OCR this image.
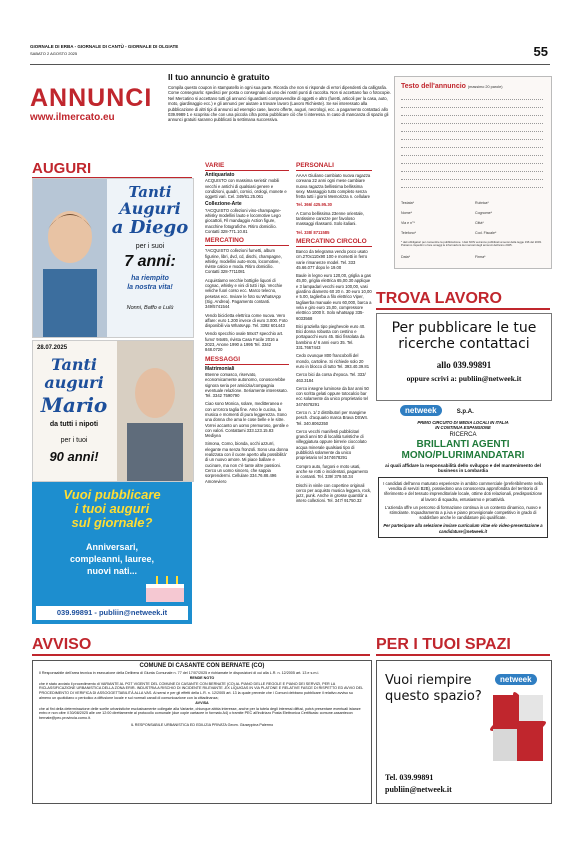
GIORNALE DI ERBA - GIORNALE DI CANTÙ - GIORNALE DI OLGIATE
SABATO 2 AGOSTO 2025	55
ANNUNCI
www.ilmercato.eu
Il tuo annuncio è gratuito
Compila questo coupon in stampatello in ogni sua parte. Ricorda che non si risponde di errori dipendenti da calligrafia. Come consegnarlo: spedisci per posta o consegnalo ad uno dei nostri punti di raccolta. Non si accettano fax o fotocopie. Nel Mercatino si accettano tutti gli annunci riguardanti compravendite di oggetti e altro (furetti, articoli per la casa, auto, moto, giardinaggio ecc.) e gli annunci per aiutare a trovare lavoro (Lavoro Richieste). Se sei interessato alla pubblicazione di altri tipi di annunci ad esempio case, lavoro offerte, auguri, necrologi, ecc. a pagamento contattaci allo 039.9989 1 e scoprirai che con una piccola cifra potrai pubblicare ciò che ti interessa. In caso di mancanza di spazio gli annunci gratuiti saranno pubblicati la settimana successiva.
Testo dell'annuncio (massimo 20 parole)
Testata*	Rubrica*
Nome*	Cognome*
Via e n°*	Città*
Telefono*	Cod. Fiscale*
* dati obbligatori per consentire la pubblicazione. I dati NON verranno pubblicati ai sensi della legge 196 del 2003. Potranno rispedirvi o fare omaggi le informazioni dei mercati degli annunci dell'anno 2025.
Data*	Firma*
AUGURI
Tanti
Auguri
a Diego
per i suoi
7 anni:
ha riempito
la nostra vita!
Nonni, Baffo e Lulù
28.07.2025
Tanti
auguri
Mario
da tutti i nipoti
per i tuoi
90 anni!
Vuoi pubblicare
i tuoi auguri
sul giornale?
Anniversari,
compleanni, lauree,
nuovi nati...
039.99891 - publiin@netweek.it
VARIE
Antiquariato

ACQUISTO con massima serietà' mobili vecchi e antichi di qualsiasi genere e condizioni, quadri, cornici, orologi, monete e oggetti vari. Cel. 349/61.25.061

Collezione-Arte

?ACQUISTO collezioni vino-champagne-whisky modellini lauto e locomotive Lego giocattoli, Fil mandaggio Action figure, macchine fotografiche. Ritiro domicilio. Contatti 328-771.10.81

MERCATINO

?ACQUISTO collezioni fumetti, album figurine, libri, dvd, cd, dischi, champagne, whisky, modellini auto-moto, locomotive, riviste calcio e moda. Ritiro domicilio. Contatti 328-7711081

Acquistiamo vecchie bottiglie liquori di cognac, whisky e vini di tutti i tipi. Vecchie veliche fuori corso ecc. Marco telecno, pesetas ecc. Inviare le foto su WhatsApp (Sig. Andrea). Pagamento contanti. 349/5741544

Vendo bicicletta elettrica come nuova. Vero affare: euro 1.200 invece di euro 3.000. Foto disponibili via WhatsApp. Tel. 3392 601443

Vendo specchio ovale 58x47 specchio art. fumo' 94x65, rivista Casa Facile 2016 a 2023, Anone 1990 a 1995 Tel. 3342 848.0720

MESSAGGI
Matrimoniali

65enne comasco, riservato, economicamente autonomo, conoscerebbe signora seria per amicizia/compagnia eventuale relazione. Seriamente interessato. Tel. 3342 7590790

Ciao sono Monica, solare, meditteranea e con un'orcra taglia fine. Amo le cucina, la musica e momenti di pura leggerezza. Sono una donna che ama le cose belle e le sitre. Vorrei accanto un uomo premuroso, gentile e con valori. Contattami 333.123.15.83 Mediyea

Simona, Como, bionda, occhi azzurri, elegante ma senza fronzoli. Sono una donna realizzata con il cuore aperto alla possibilità' di un nuovo amore. Mi piace ballare e cucinare, ma non c'è tante altre passioni. Cerco un uomo sincero, che sappia sorprendermi. Cellulare 334.76.88.496 Amoreviero

PERSONALI

AAAA Giuliano cambiato nuova ragazza coreana 22 anni ogni mese cambiare nuova ragazza bellissima bellissima sexy. Massaggio tutto completo senza fretta tutti i giorni Memorizza n. cellulare

Tel. 366/ 425.95.30

A Como bellissima 23enne orientale, tantissime carezze per favoloso massaggi rilassanti. Solo italiani.

Tel. 338/ 8711585

MERCATINO CIRCOLO

Banco da telegrama vendo poco usato cm.270x110x90 100 e morsetti in ferro varie rimanenze model. Tel. 333 45.66.077 dopo le 19.00

Baule in legno euro 120,00, griglia a gas 45,00, griglia elettrica 65,00.30 applique e 3 lampadari vecchi euro 100,00, vasi giardino diametro 60 20 n. 30 euro 10,00 e 5.00, taglierba a filo elettrico Viper, tagliaerba manuale euro 60,000, barca a vela e giro euro 15,00, compressore elettrico 1000 lt. Solo whatsapp 335-6033568

Bici graziella tipo pieghevole euro 40. Bici donna robusta con cestino e portapacchi euro 45. Bici fissolata da bambino 4/ 6 anni euro 35. Tel. 331.7667443

Cedo ovunque 800 francobolli del mondo, cartoline. Si richiede solo 20 euro in blocco di tutto Tel. 393.40.39.81

Cerco bici da corsa d'epoca. Tel. 333/ 463.3184

Cerco insegne luminose da bar anni 50 con scritta gelati oppure totocalcio bar ecc solamente da unico proprietario tel 3474678291

Cerco n. 1/ 2 distributori per mangime pesch. d'acquario marca Brava DSW4. Tel. 340.8062350

Cerco vecchi manifesti pubblicitari grandi anni 50 di località turistiche di villeggiatura oppure birrerie cioccolato acqua minerale qualsiasi tipo di pubblicità solamente da unico proprietario tel 3474678291

Compro auto, furgoni e moto usati, anche se rotti o incidentati, pagamento in contanti. Tel. 339/ 379.50.34

Dischi in vinile con copertine originali cerco per acquisto musica leggera, rock, jazz, punk. Anche in grosse quantità' a intero collezioni. Tel. 347/ 91750.32

TROVA LAVORO
Per pubblicare le tue
ricerche contattaci
allo 039.99891
oppure scrivi a: publiin@netweek.it
netweek	S.p.A.
PRIMO CIRCUITO DI MEDIA LOCALI IN ITALIA
IN CONTINUA ESPANSIONE
RICERCA
BRILLANTI AGENTI
MONO/PLURIMANDATARI
ai quali affidare la responsabilità dello sviluppo e del mantenimento del business in Lombardia
I candidati dell'anno maturato esperienze in ambito commerciale (preferibilmente nella vendita di servizi B2B), possiedono una conoscenza approfondita del territorio di riferimento e del tessuto imprenditoriale locale, ottime doti relazionali, predisposizione al lavoro di squadra, entusiasmo e proattività.
L'azienda offre un percorso di formazione continua in un contesto dinamico, nuovo e stimolante. Inquadramento a p.iva e piano provvigionale competitivo in grado di soddisfare anche le candidature più qualificate.
Per partecipare alla selezione inviare curriculum vitae e/o video-presentazione a candidature@netweek.it
AVVISO
COMUNE DI CASANTE CON BERNATE (CO)
Il Responsabile dell'area tecnica in esecuzione della Delibera di Giunta Comunale n. 77 del 17/07/2025 e richiamate le disposizioni di cui alla L.R. n. 12/2005 art. 13 e s.m.i.
RENDE NOTO
che è stato avviato il procedimento di VARIANTE AL PGT VIGENTE DEL COMUNE DI CASANTE CON BERNATE (CO) AL PIANO DELLE REGOLE E PIANO DEI SERVIZI, PER LA RICLASSIFICAZIONE URBANISTICA DELLA ZONA ERIR- INDUSTRIA A RISCHIO DI INCIDENTE RILEVANTE -EX LIQUIGAS IN VIA PLATONE E RELATIVE FASCE DI RISPETTO ED AVVIO DEL PROCEDIMENTO DI VERIFICA DI ASSOGGETTABILITÀ ALLA VAS. Ai sensi e per gli effetti della L.R. n. 12/2005 art. 13 la quale prevede che i Comuni debbano pubblicare il relativo avviso su almeno un quotidiano o periodico a diffusione locale e sul normali canali di comunicazione con la cittadinanza;
AVVISA
che ai fini della determinazione delle scelte urbanistiche esclusivamente collegate alla Variante, chiunque abbia interesse, anche per la tutela degli interessi diffusi, potrà presentare eventuali istanze entro e non oltre il 30/08/2025 alle ore 12:00 direttamente al protocollo comunale (due copie cartacee in formato A4) o tramite PEC all'indirizzo Posta Elettronica Certificata: comune.casantecon bernate@pec.provincia.como.it.
IL RESPONSABILE URBANISTICA ED EDILIZIA PRIVATA Geom. Giuseppina Palermo
PER I TUOI SPAZI
Vuoi riempire
questo spazio?
netweek
Tel. 039.99891
publiin@netweek.it
